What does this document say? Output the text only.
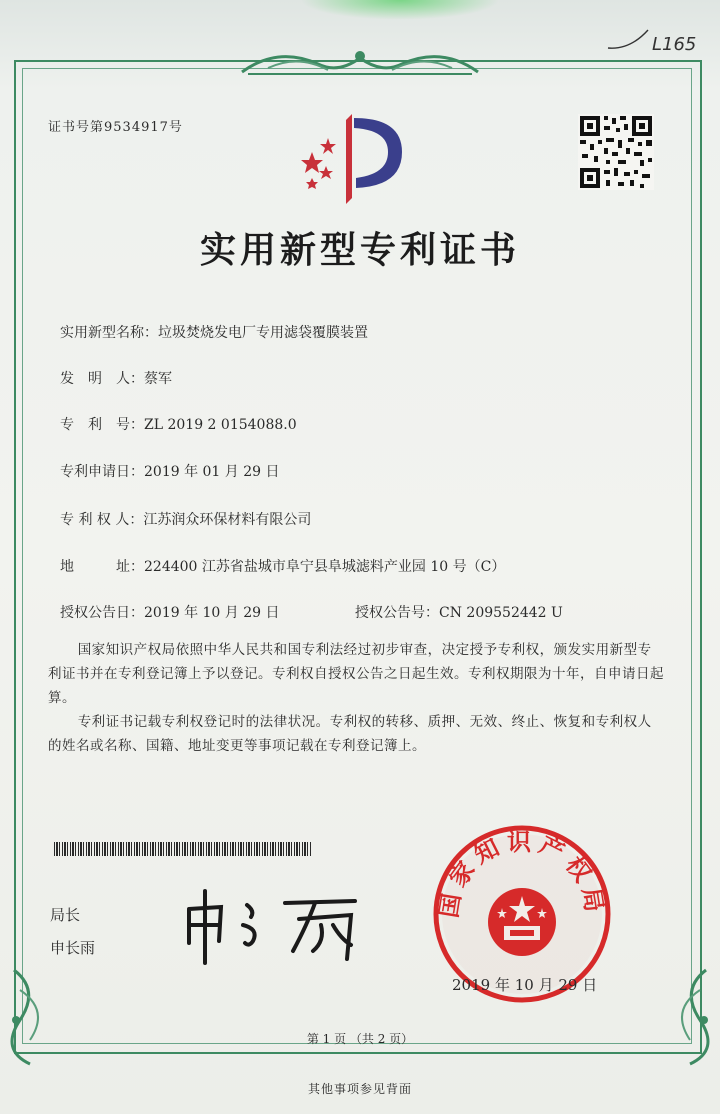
L165
证书号第9534917号
实用新型专利证书
实用新型名称：垃圾焚烧发电厂专用滤袋覆膜装置
发　明　人：蔡军
专　利　号：ZL 2019 2 0154088.0
专利申请日：2019 年 01 月 29 日
专 利 权 人：江苏润众环保材料有限公司
地　　　址：224400 江苏省盐城市阜宁县阜城滤料产业园 10 号（C）
授权公告日：2019 年 10 月 29 日	授权公告号：CN 209552442 U
国家知识产权局依照中华人民共和国专利法经过初步审查，决定授予专利权，颁发实用新型专利证书并在专利登记簿上予以登记。专利权自授权公告之日起生效。专利权期限为十年，自申请日起算。
专利证书记载专利权登记时的法律状况。专利权的转移、质押、无效、终止、恢复和专利权人的姓名或名称、国籍、地址变更等事项记载在专利登记簿上。
局长
申长雨
国家知识产权局
2019 年 10 月 29 日
第 1 页 （共 2 页）
其他事项参见背面
